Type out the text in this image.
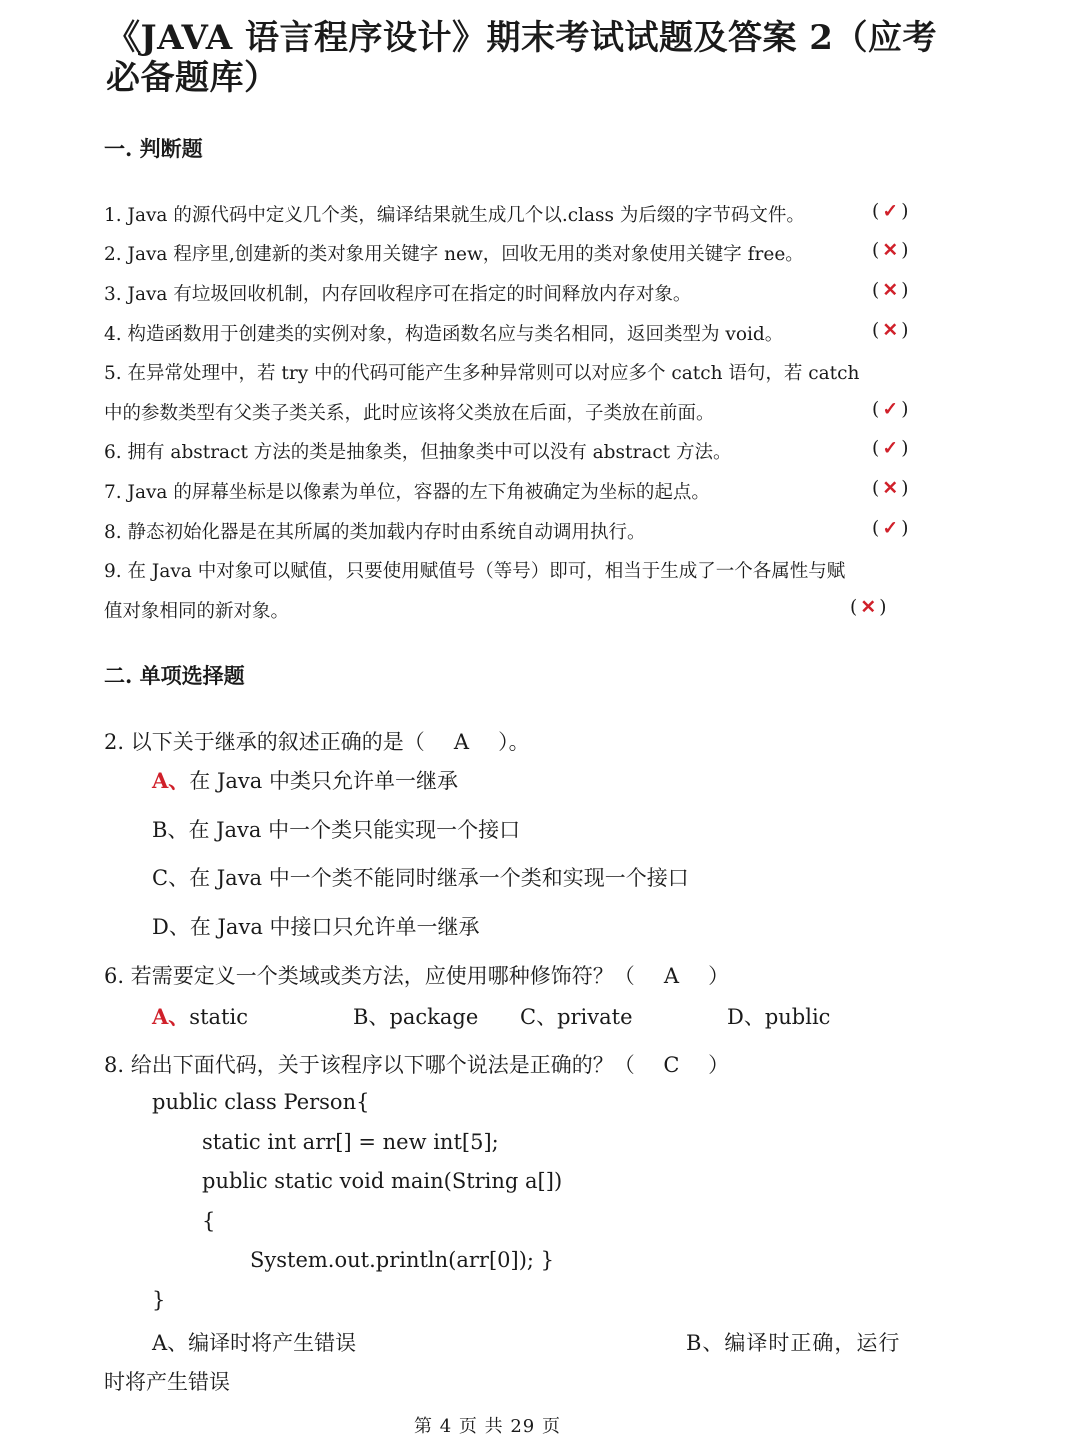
《JAVA 语言程序设计》期末考试试题及答案 2（应考
必备题库）
一. 判断题
1. Java 的源代码中定义几个类，编译结果就生成几个以.class 为后缀的字节码文件。	( ✓ )
2. Java 程序里,创建新的类对象用关键字 new，回收无用的类对象使用关键字 free。	( ✕ )
3. Java 有垃圾回收机制，内存回收程序可在指定的时间释放内存对象。	( ✕ )
4. 构造函数用于创建类的实例对象，构造函数名应与类名相同，返回类型为 void。	( ✕ )
5. 在异常处理中，若 try 中的代码可能产生多种异常则可以对应多个 catch 语句，若 catch
中的参数类型有父类子类关系，此时应该将父类放在后面，子类放在前面。	( ✓ )
6. 拥有 abstract 方法的类是抽象类，但抽象类中可以没有 abstract 方法。	( ✓ )
7. Java 的屏幕坐标是以像素为单位，容器的左下角被确定为坐标的起点。	( ✕ )
8. 静态初始化器是在其所属的类加载内存时由系统自动调用执行。	( ✓ )
9. 在 Java 中对象可以赋值，只要使用赋值号（等号）即可，相当于生成了一个各属性与赋
值对象相同的新对象。	( ✕ )
二. 单项选择题
2. 以下关于继承的叙述正确的是（ A ）。
A、在 Java 中类只允许单一继承
B、在 Java 中一个类只能实现一个接口
C、在 Java 中一个类不能同时继承一个类和实现一个接口
D、在 Java 中接口只允许单一继承
6. 若需要定义一个类域或类方法，应使用哪种修饰符？（ A ）
A、static	B、package C、private	D、public
8. 给出下面代码，关于该程序以下哪个说法是正确的？（ C ）
public class Person{
static int arr[] = new int[5];
public static void main(String a[])
{
System.out.println(arr[0]); }
}
A、编译时将产生错误	B、编译时正确，运行
时将产生错误
第 4 页 共 29 页
